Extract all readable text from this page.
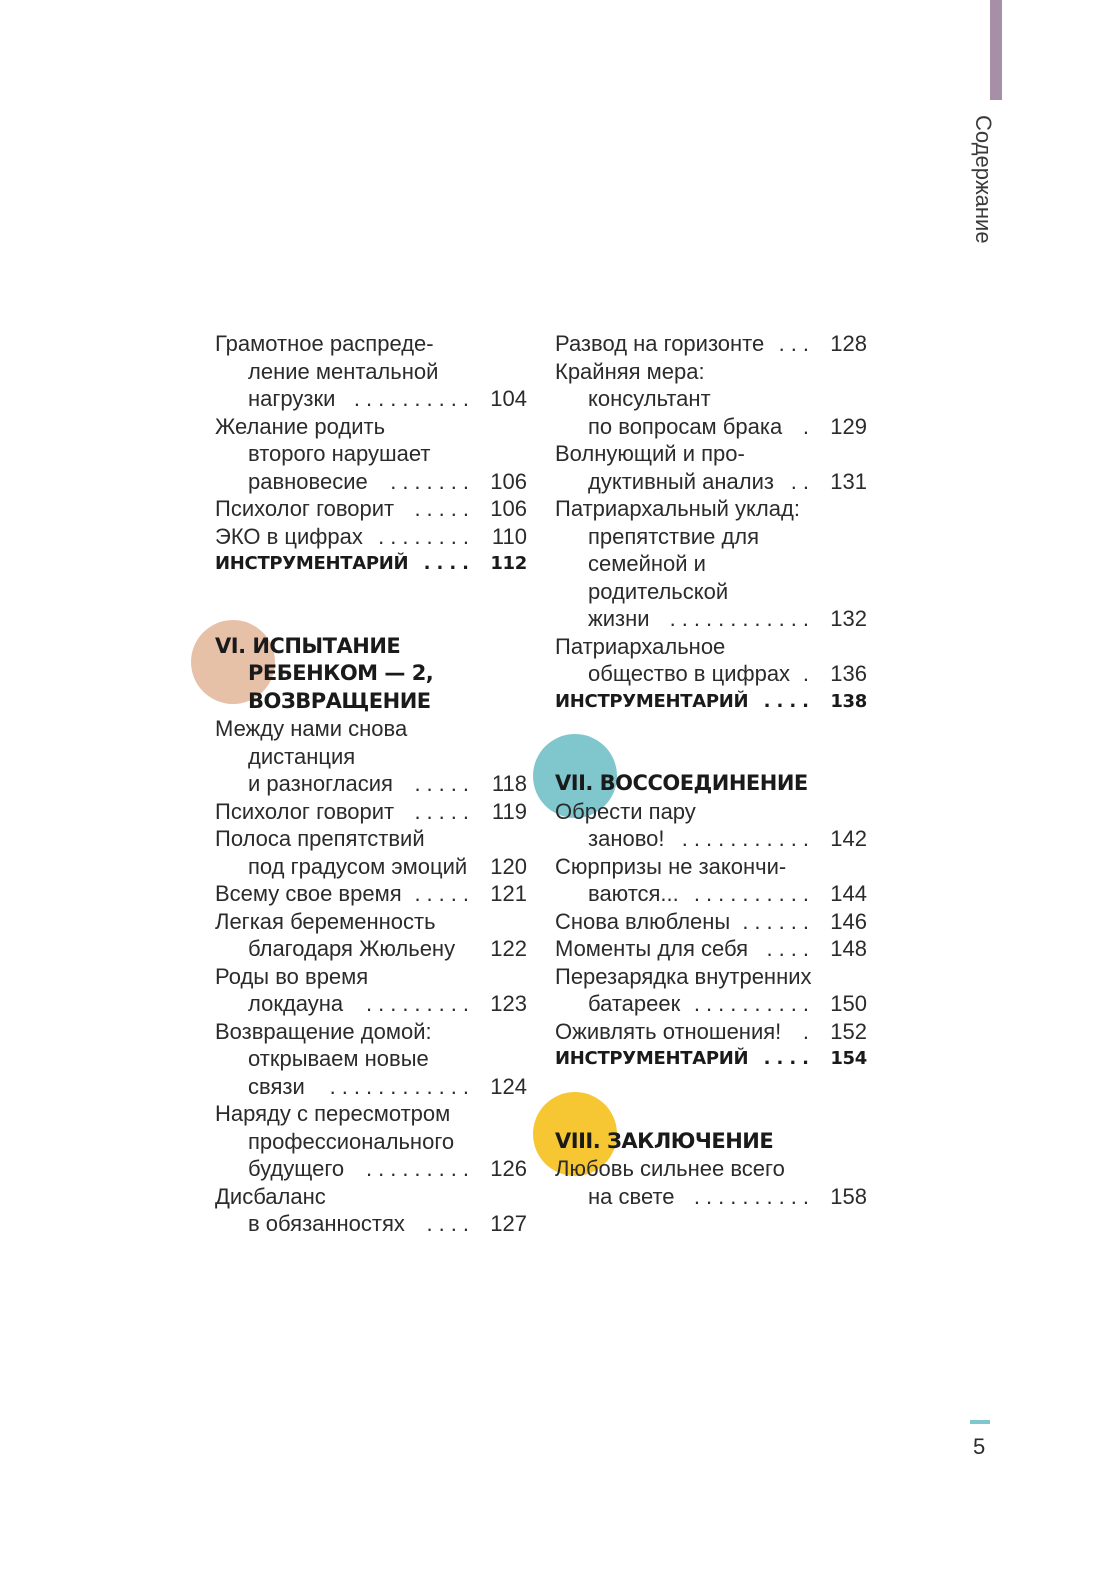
Содержание
Грамотное распреде-
ление ментальной
нагрузки .......... 104
Желание родить
второго нарушает
равновесие ....... 106
Психолог говорит ..... 106
ЭКО в цифрах ........ 110
ИНСТРУМЕНТАРИЙ .... 112
VI. ИСПЫТАНИЕ
РЕБЕНКОМ — 2,
ВОЗВРАЩЕНИЕ
Между нами снова
дистанция
и разногласия ..... 118
Психолог говорит ..... 119
Полоса препятствий
под градусом эмоций 120
Всему свое время ..... 121
Легкая беременность
благодаря Жюльену 122
Роды во время
локдауна ......... 123
Возвращение домой:
открываем новые
связи ............ 124
Наряду с пересмотром
профессионального
будущего ......... 126
Дисбаланс
в обязанностях .... 127
Развод на горизонте ... 128
Крайняя мера:
консультант
по вопросам брака . 129
Волнующий и про-
дуктивный анализ .. 131
Патриархальный уклад:
препятствие для
семейной и
родительской
жизни ............ 132
Патриархальное
общество в цифрах . 136
ИНСТРУМЕНТАРИЙ .... 138
VII. ВОССОЕДИНЕНИЕ
Обрести пару
заново! ........... 142
Сюрпризы не закончи-
ваются... .......... 144
Снова влюблены ...... 146
Моменты для себя .... 148
Перезарядка внутренних
батареек .......... 150
Оживлять отношения! . 152
ИНСТРУМЕНТАРИЙ .... 154
VIII. ЗАКЛЮЧЕНИЕ
Любовь сильнее всего
на свете .......... 158
5
